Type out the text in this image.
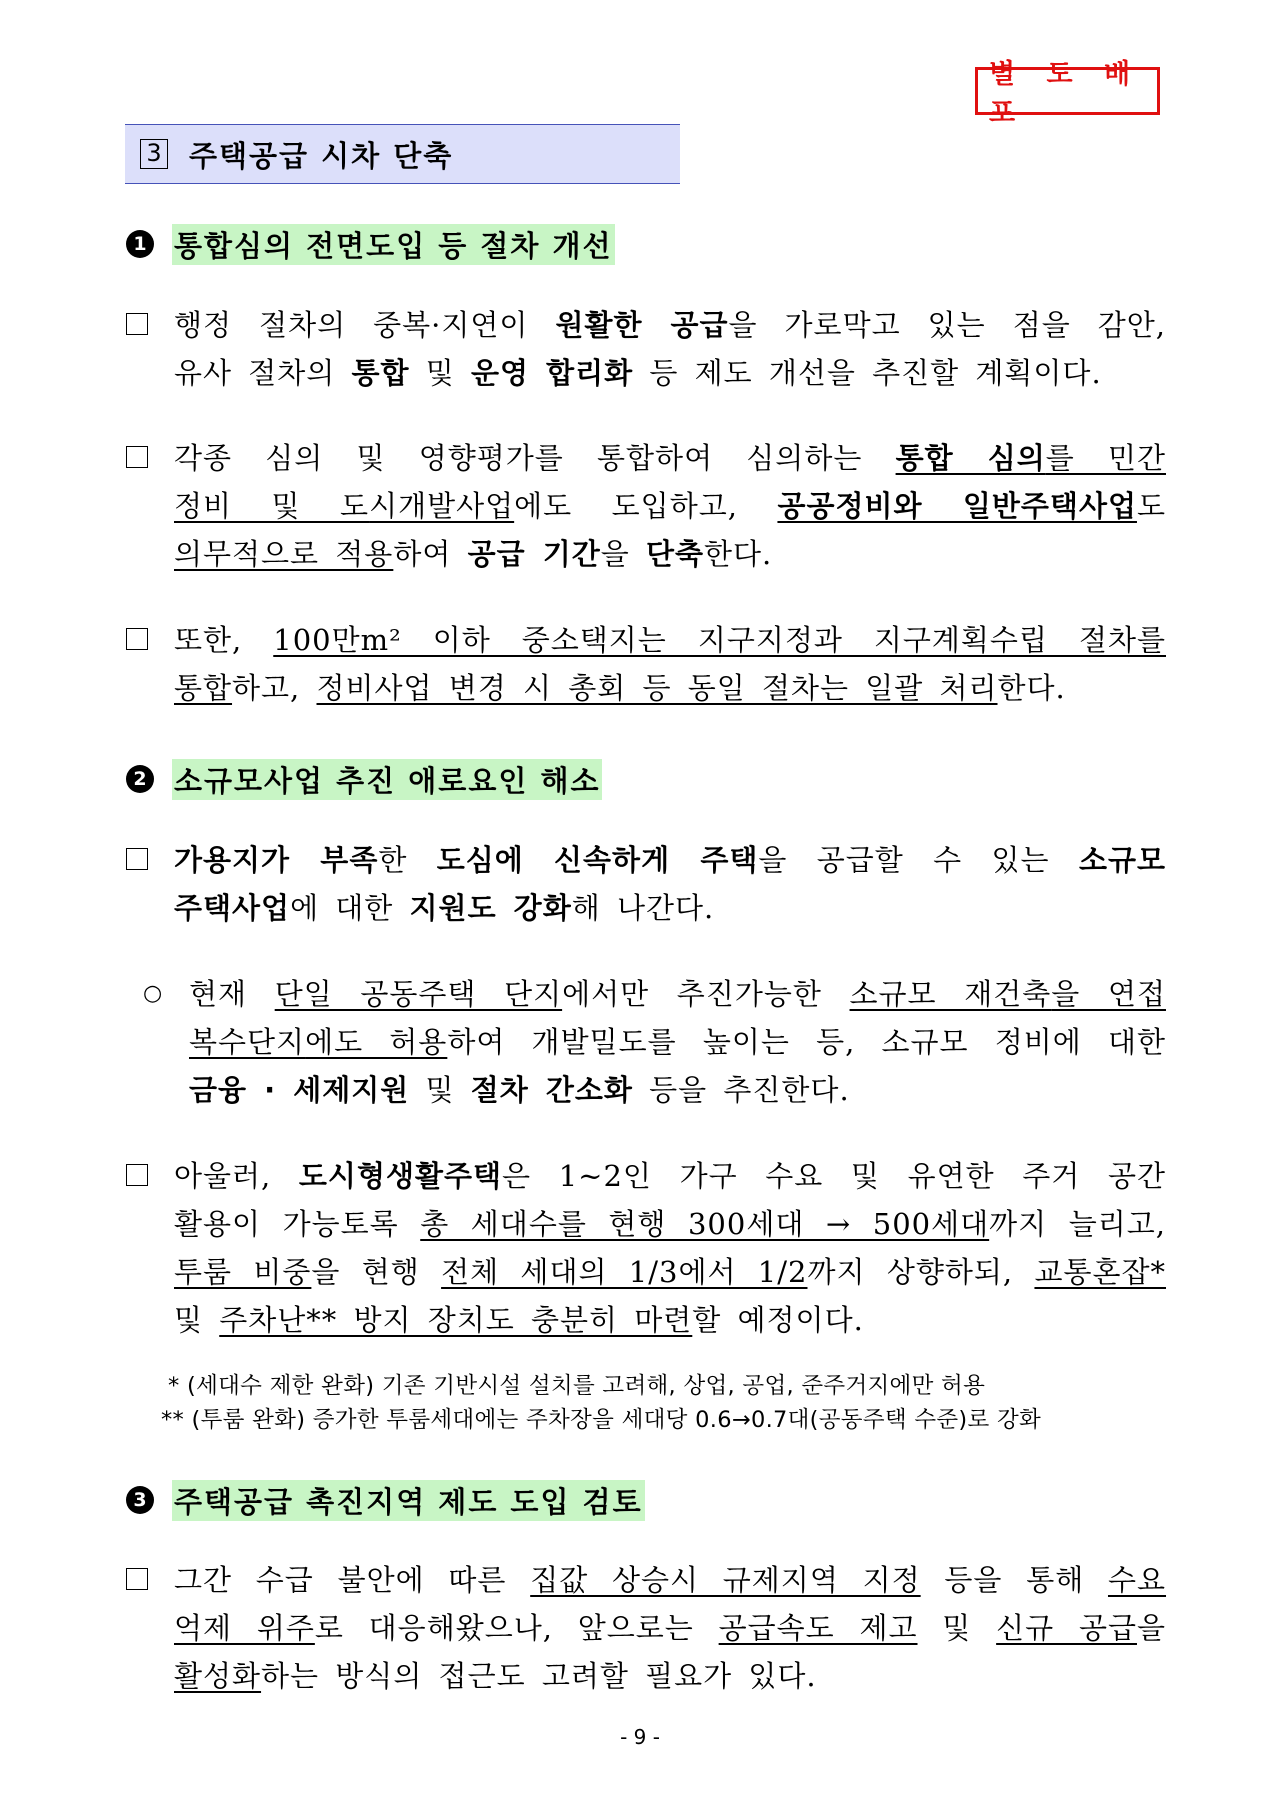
별 도 배 포
3 주택공급 시차 단축
1 통합심의 전면도입 등 절차 개선
행정 절차의 중복·지연이 원활한 공급을 가로막고 있는 점을 감안,
유사 절차의 통합 및 운영 합리화 등 제도 개선을 추진할 계획이다.
각종 심의 및 영향평가를 통합하여 심의하는 통합 심의를 민간
정비 및 도시개발사업에도 도입하고, 공공정비와 일반주택사업도
의무적으로 적용하여 공급 기간을 단축한다.
또한, 100만m² 이하 중소택지는 지구지정과 지구계획수립 절차를
통합하고, 정비사업 변경 시 총회 등 동일 절차는 일괄 처리한다.
2 소규모사업 추진 애로요인 해소
가용지가 부족한 도심에 신속하게 주택을 공급할 수 있는 소규모
주택사업에 대한 지원도 강화해 나간다.
○ 현재 단일 공동주택 단지에서만 추진가능한 소규모 재건축을 연접
복수단지에도 허용하여 개발밀도를 높이는 등, 소규모 정비에 대한
금융 · 세제지원 및 절차 간소화 등을 추진한다.
아울러, 도시형생활주택은 1~2인 가구 수요 및 유연한 주거 공간
활용이 가능토록 총 세대수를 현행 300세대 → 500세대까지 늘리고,
투룸 비중을 현행 전체 세대의 1/3에서 1/2까지 상향하되, 교통혼잡*
및 주차난** 방지 장치도 충분히 마련할 예정이다.
* (세대수 제한 완화) 기존 기반시설 설치를 고려해, 상업, 공업, 준주거지에만 허용
** (투룸 완화) 증가한 투룸세대에는 주차장을 세대당 0.6→0.7대(공동주택 수준)로 강화
3 주택공급 촉진지역 제도 도입 검토
그간 수급 불안에 따른 집값 상승시 규제지역 지정 등을 통해 수요
억제 위주로 대응해왔으나, 앞으로는 공급속도 제고 및 신규 공급을
활성화하는 방식의 접근도 고려할 필요가 있다.
- 9 -
